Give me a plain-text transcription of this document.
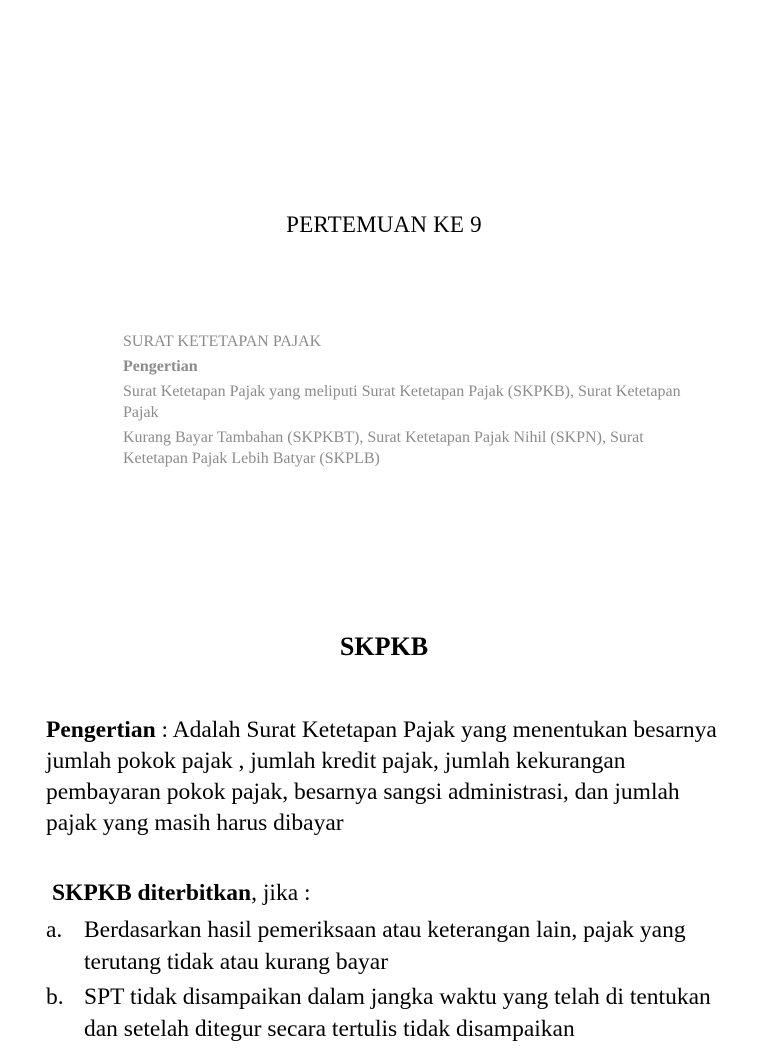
PERTEMUAN KE 9

SURAT KETETAPAN PAJAK

Pengertian

Surat Ketetapan Pajak yang meliputi Surat Ketetapan Pajak (SKPKB), Surat Ketetapan Pajak

Kurang Bayar Tambahan (SKPKBT), Surat Ketetapan Pajak Nihil (SKPN), Surat Ketetapan Pajak Lebih Batyar (SKPLB)

SKPKB
Pengertian : Adalah Surat Ketetapan Pajak yang menentukan besarnya jumlah pokok pajak , jumlah kredit pajak, jumlah kekurangan pembayaran pokok pajak, besarnya sangsi administrasi, dan jumlah pajak yang masih harus dibayar
SKPKB diterbitkan, jika :
a. Berdasarkan hasil pemeriksaan atau keterangan lain, pajak yang terutang tidak atau kurang bayar
b. SPT tidak disampaikan dalam jangka waktu yang telah di tentukan dan setelah ditegur secara tertulis tidak disampaikan
